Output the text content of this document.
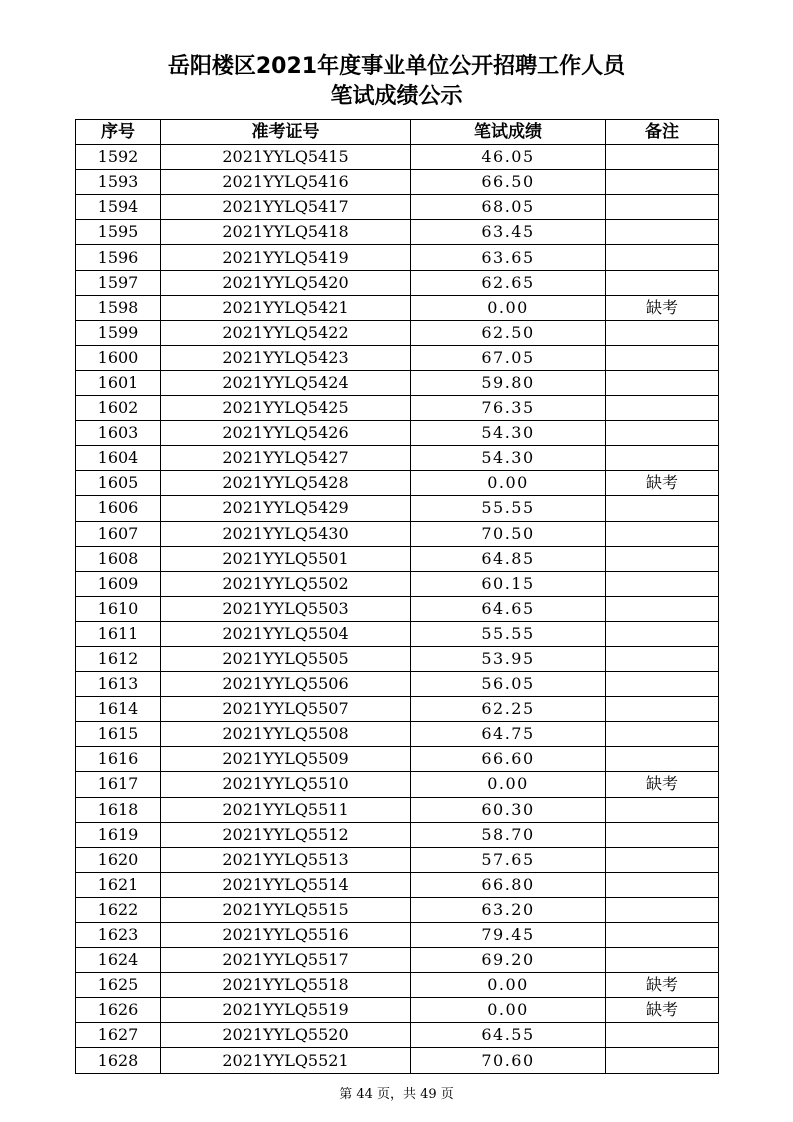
岳阳楼区2021年度事业单位公开招聘工作人员
笔试成绩公示
序号	准考证号	笔试成绩	备注
1592	2021YYLQ5415	46.05	
1593	2021YYLQ5416	66.50	
1594	2021YYLQ5417	68.05	
1595	2021YYLQ5418	63.45	
1596	2021YYLQ5419	63.65	
1597	2021YYLQ5420	62.65	
1598	2021YYLQ5421	0.00	缺考
1599	2021YYLQ5422	62.50	
1600	2021YYLQ5423	67.05	
1601	2021YYLQ5424	59.80	
1602	2021YYLQ5425	76.35	
1603	2021YYLQ5426	54.30	
1604	2021YYLQ5427	54.30	
1605	2021YYLQ5428	0.00	缺考
1606	2021YYLQ5429	55.55	
1607	2021YYLQ5430	70.50	
1608	2021YYLQ5501	64.85	
1609	2021YYLQ5502	60.15	
1610	2021YYLQ5503	64.65	
1611	2021YYLQ5504	55.55	
1612	2021YYLQ5505	53.95	
1613	2021YYLQ5506	56.05	
1614	2021YYLQ5507	62.25	
1615	2021YYLQ5508	64.75	
1616	2021YYLQ5509	66.60	
1617	2021YYLQ5510	0.00	缺考
1618	2021YYLQ5511	60.30	
1619	2021YYLQ5512	58.70	
1620	2021YYLQ5513	57.65	
1621	2021YYLQ5514	66.80	
1622	2021YYLQ5515	63.20	
1623	2021YYLQ5516	79.45	
1624	2021YYLQ5517	69.20	
1625	2021YYLQ5518	0.00	缺考
1626	2021YYLQ5519	0.00	缺考
1627	2021YYLQ5520	64.55	
1628	2021YYLQ5521	70.60	
第 44 页，共 49 页
